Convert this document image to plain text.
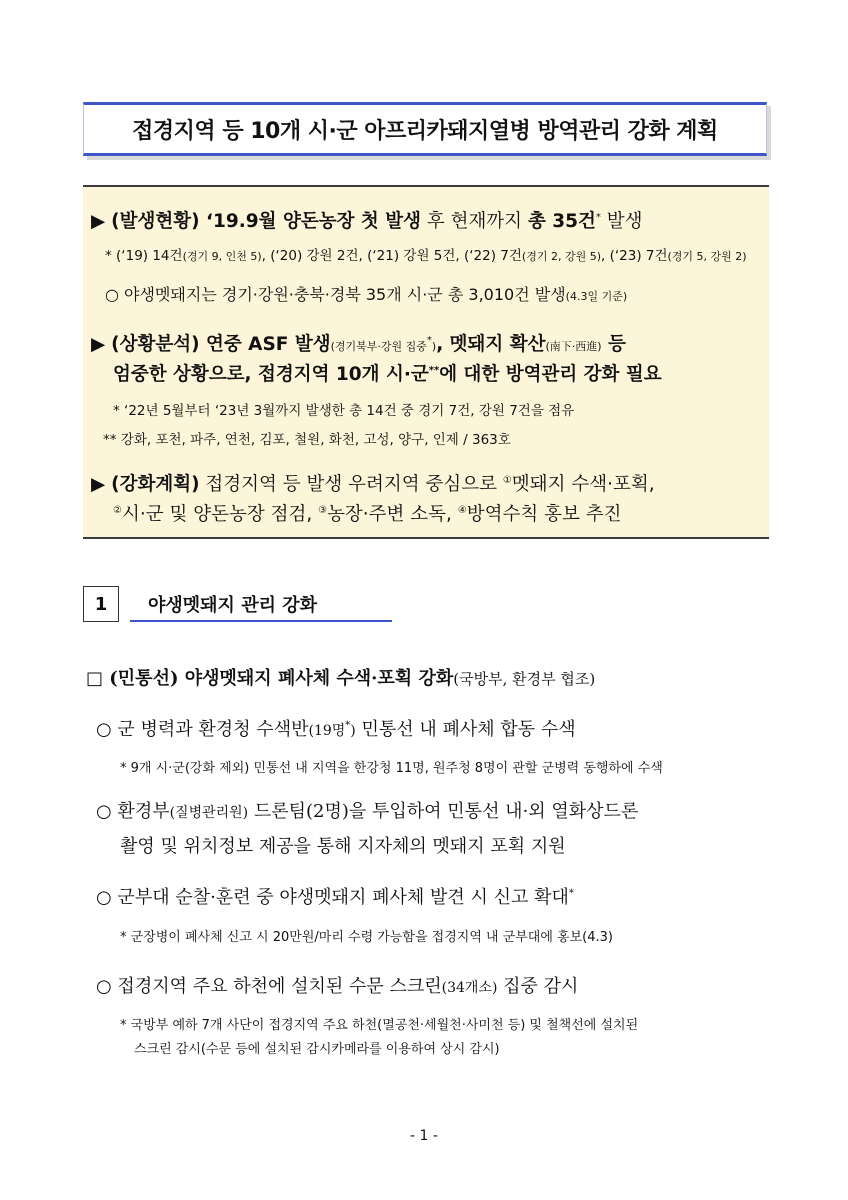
접경지역 등 10개 시·군 아프리카돼지열병 방역관리 강화 계획
▶ (발생현황) ‘19.9월 양돈농장 첫 발생 후 현재까지 총 35건* 발생
* (‘19) 14건(경기 9, 인천 5), (‘20) 강원 2건, (‘21) 강원 5건, (‘22) 7건(경기 2, 강원 5), (‘23) 7건(경기 5, 강원 2)
○ 야생멧돼지는 경기·강원·충북·경북 35개 시·군 총 3,010건 발생(4.3일 기준)
▶ (상황분석) 연중 ASF 발생(경기북부·강원 집중*), 멧돼지 확산(南下·西進) 등
엄중한 상황으로, 접경지역 10개 시·군**에 대한 방역관리 강화 필요
* ‘22년 5월부터 ‘23년 3월까지 발생한 총 14건 중 경기 7건, 강원 7건을 점유
** 강화, 포천, 파주, 연천, 김포, 철원, 화천, 고성, 양구, 인제 / 363호
▶ (강화계획) 접경지역 등 발생 우려지역 중심으로 ①멧돼지 수색·포획,
②시·군 및 양돈농장 점검, ③농장·주변 소독, ④방역수칙 홍보 추진
1	야생멧돼지 관리 강화
□ (민통선) 야생멧돼지 폐사체 수색·포획 강화(국방부, 환경부 협조)
○ 군 병력과 환경청 수색반(19명*) 민통선 내 폐사체 합동 수색
* 9개 시·군(강화 제외) 민통선 내 지역을 한강청 11명, 원주청 8명이 관할 군병력 동행하에 수색
○ 환경부(질병관리원) 드론팀(2명)을 투입하여 민통선 내·외 열화상드론
촬영 및 위치정보 제공을 통해 지자체의 멧돼지 포획 지원
○ 군부대 순찰·훈련 중 야생멧돼지 폐사체 발견 시 신고 확대*
* 군장병이 폐사체 신고 시 20만원/마리 수령 가능함을 접경지역 내 군부대에 홍보(4.3)
○ 접경지역 주요 하천에 설치된 수문 스크린(34개소) 집중 감시
* 국방부 예하 7개 사단이 접경지역 주요 하천(멸공천·세월천·사미천 등) 및 철책선에 설치된
스크린 감시(수문 등에 설치된 감시카메라를 이용하여 상시 감시)
- 1 -
